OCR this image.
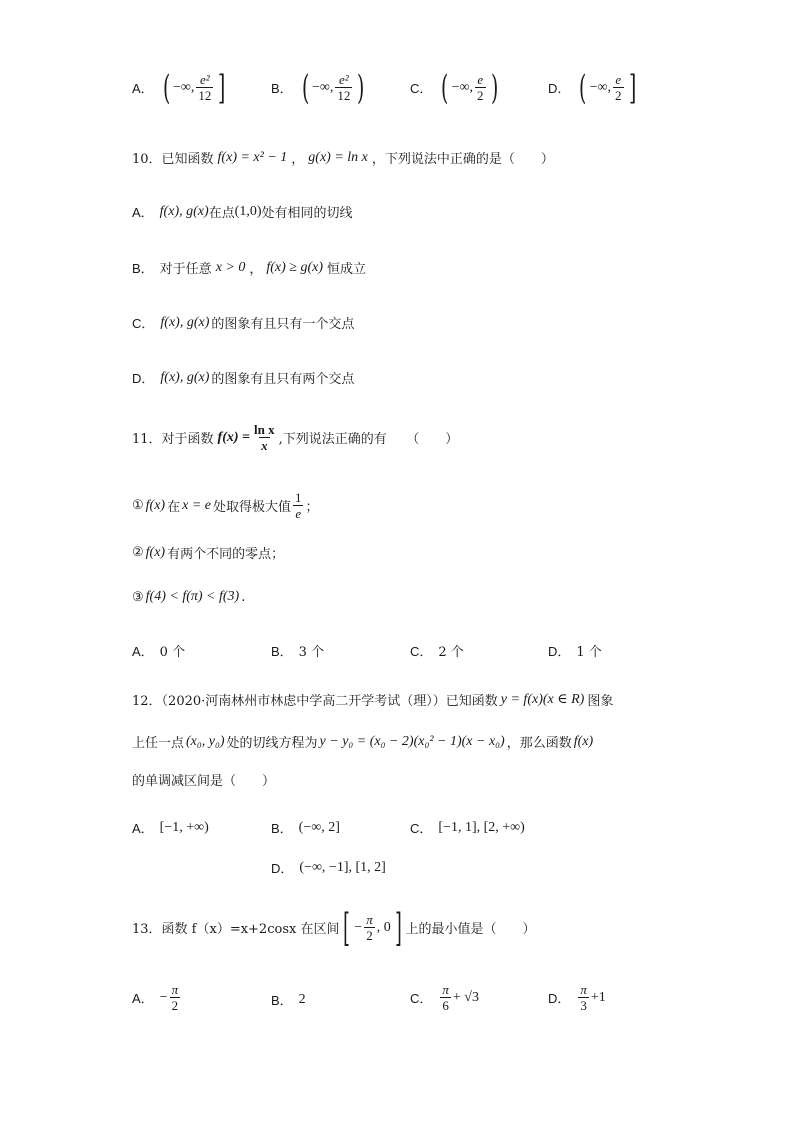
A． ( −∞, $\frac{\text{e²}}{12}$ ]	B． ( −∞, $\frac{\text{e²}}{12}$ )	C． ( −∞, $\frac{e}{2}$ )	D． ( −∞, $\frac{e}{2}$ ]
10．已知函数 f(x) = x² − 1 ， g(x) = ln x ，下列说法中正确的是（　　）
A． f(x), g(x) 在点 (1,0) 处有相同的切线
B． 对于任意 x > 0 ， f(x) ≥ g(x) 恒成立
C． f(x), g(x) 的图象有且只有一个交点
D． f(x), g(x) 的图象有且只有两个交点
11．对于函数 $f(x) = \frac{\text{ln x}}{x}$ ,下列说法正确的有　　（　　）
① f(x) 在 x = e 处取得极大值 $\frac{1}{e}$ ；
② f(x) 有两个不同的零点；
③ f(4) < f(π) < f(3) .
A． 0 个	B． 3 个	C． 2 个	D． 1 个
12．（2020·河南林州市林虑中学高二开学考试（理））已知函数 y = f(x)(x ∈ R) 图象
上任一点 (x₀, y₀) 处的切线方程为 y − y₀ = (x₀ − 2)(x₀² − 1)(x − x₀) ，那么函数 f(x)
的单调减区间是（　　）
A． [−1, +∞)	B． (−∞, 2]	C． [−1, 1], [2, +∞)
D． (−∞, −1], [1, 2]
13．函数 f（x）=x+2cosx 在区间 [ − $\frac{\pi}{2}$ , 0 ] 上的最小值是（　　）
A． − $\frac{\pi}{2}$	B． 2	C． $\frac{\pi}{6} + √3$	D． $\frac{\pi}{3} +1$
